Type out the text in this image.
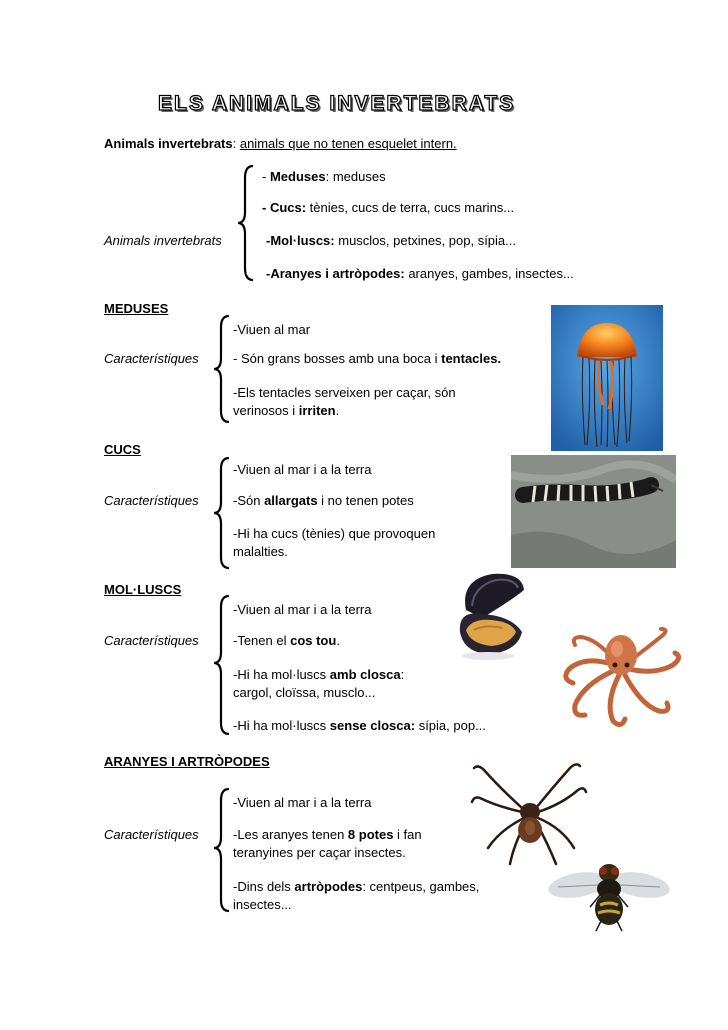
ELS ANIMALS INVERTEBRATS
Animals invertebrats: animals que no tenen esquelet intern.
Animals invertebrats
- Meduses: meduses
- Cucs: tènies, cucs de terra, cucs marins...
-Mol·luscs: musclos, petxines, pop, sípia...
-Aranyes i artròpodes: aranyes, gambes, insectes...
MEDUSES
Característiques
-Viuen al mar
- Són grans bosses amb una boca i tentacles.
-Els tentacles serveixen per caçar, són
verinosos i irriten.
CUCS
Característiques
-Viuen al mar i a la terra
-Són allargats i no tenen potes
-Hi ha cucs (tènies) que provoquen
malalties.
MOL·LUSCS
Característiques
-Viuen al mar i a la terra
-Tenen el cos tou.
-Hi ha mol·luscs amb closca:
cargol, cloïssa, musclo...
-Hi ha mol·luscs sense closca: sípia, pop...
ARANYES I ARTRÒPODES
Característiques
-Viuen al mar i a la terra
-Les aranyes tenen 8 potes i fan
teranyines per caçar insectes.
-Dins dels artròpodes: centpeus, gambes,
insectes...
